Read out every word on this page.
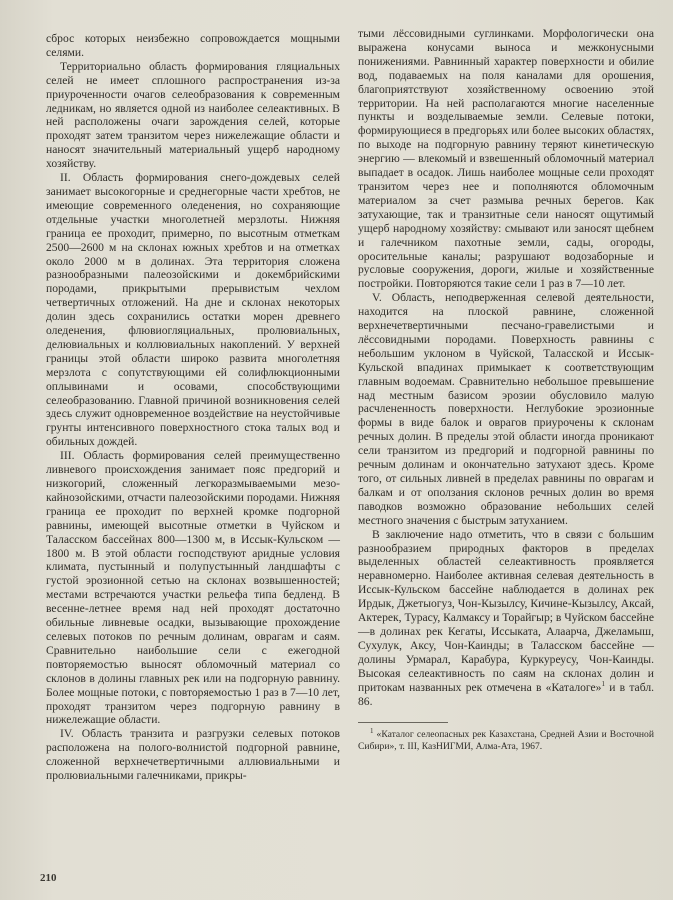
сброс которых неизбежно сопровождается мощными селями.

Территориально область формирования гляциальных селей не имеет сплошного распространения из-за приуроченности очагов селеобразования к современным ледникам, но является одной из наиболее селеактивных. В ней расположены очаги зарождения селей, которые проходят затем транзитом через нижележащие области и наносят значительный материальный ущерб народному хозяйству.

II. Область формирования снего-дождевых селей занимает высокогорные и среднегорные части хребтов, не имеющие современного оледенения, но сохраняющие отдельные участки многолетней мерзлоты. Нижняя граница ее проходит, примерно, по высотным отметкам 2500—2600 м на склонах южных хребтов и на отметках около 2000 м в долинах. Эта территория сложена разнообразными палеозойскими и докембрийскими породами, прикрытыми прерывистым чехлом четвертичных отложений. На дне и склонах некоторых долин здесь сохранились остатки морен древнего оледенения, флювиогляциальных, пролювиальных, делювиальных и коллювиальных накоплений. У верхней границы этой области широко развита многолетняя мерзлота с сопутствующими ей солифлюкционными оплывинами и осовами, способствующими селеобразованию. Главной причиной возникновения селей здесь служит одновременное воздействие на неустойчивые грунты интенсивного поверхностного стока талых вод и обильных дождей.

III. Область формирования селей преимущественно ливневого происхождения занимает пояс предгорий и низкогорий, сложенный легкоразмываемыми мезо-кайнозойскими, отчасти палеозойскими породами. Нижняя граница ее проходит по верхней кромке подгорной равнины, имеющей высотные отметки в Чуйском и Таласском бассейнах 800—1300 м, в Иссык-Кульском — 1800 м. В этой области господствуют аридные условия климата, пустынный и полупустынный ландшафты с густой эрозионной сетью на склонах возвышенностей; местами встречаются участки рельефа типа бедленд. В весенне-летнее время над ней проходят достаточно обильные ливневые осадки, вызывающие прохождение селевых потоков по речным долинам, оврагам и саям. Сравнительно наибольшие сели с ежегодной повторяемостью выносят обломочный материал со склонов в долины главных рек или на подгорную равнину. Более мощные потоки, с повторяемостью 1 раз в 7—10 лет, проходят транзитом через подгорную равнину в нижележащие области.

IV. Область транзита и разгрузки селевых потоков расположена на полого-волнистой подгорной равнине, сложенной верхнечетвертичными аллювиальными и пролювиальными галечниками, прикры-

тыми лёссовидными суглинками. Морфологически она выражена конусами выноса и межконусными понижениями. Равнинный характер поверхности и обилие вод, подаваемых на поля каналами для орошения, благоприятствуют хозяйственному освоению этой территории. На ней располагаются многие населенные пункты и возделываемые земли. Селевые потоки, формирующиеся в предгорьях или более высоких областях, по выходе на подгорную равнину теряют кинетическую энергию — влекомый и взвешенный обломочный материал выпадает в осадок. Лишь наиболее мощные сели проходят транзитом через нее и пополняются обломочным материалом за счет размыва речных берегов. Как затухающие, так и транзитные сели наносят ощутимый ущерб народному хозяйству: смывают или заносят щебнем и галечником пахотные земли, сады, огороды, оросительные каналы; разрушают водозаборные и русловые сооружения, дороги, жилые и хозяйственные постройки. Повторяются такие сели 1 раз в 7—10 лет.

V. Область, неподверженная селевой деятельности, находится на плоской равнине, сложенной верхнечетвертичными песчано-гравелистыми и лёссовидными породами. Поверхность равнины с небольшим уклоном в Чуйской, Таласской и Иссык-Кульской впадинах примыкает к соответствующим главным водоемам. Сравнительно небольшое превышение над местным базисом эрозии обусловило малую расчлененность поверхности. Неглубокие эрозионные формы в виде балок и оврагов приурочены к склонам речных долин. В пределы этой области иногда проникают сели транзитом из предгорий и подгорной равнины по речным долинам и окончательно затухают здесь. Кроме того, от сильных ливней в пределах равнины по оврагам и балкам и от оползания склонов речных долин во время паводков возможно образование небольших селей местного значения с быстрым затуханием.

В заключение надо отметить, что в связи с большим разнообразием природных факторов в пределах выделенных областей селеактивность проявляется неравномерно. Наиболее активная селевая деятельность в Иссык-Кульском бассейне наблюдается в долинах рек Ирдык, Джетыогуз, Чон-Кызылсу, Кичине-Кызылсу, Аксай, Актерек, Турасу, Калмаксу и Торайгыр; в Чуйском бассейне—в долинах рек Кегаты, Иссыката, Алаарча, Джеламыш, Сухулук, Аксу, Чон-Каинды; в Таласском бассейне — долины Урмарал, Карабура, Куркуреусу, Чон-Каинды. Высокая селеактивность по саям на склонах долин и притокам названных рек отмечена в «Каталоге»$^1$ и в табл. 86.

$^1$ «Каталог селеопасных рек Казахстана, Средней Азии и Восточной Сибири», т. III, КазНИГМИ, Алма-Ата, 1967.
210
